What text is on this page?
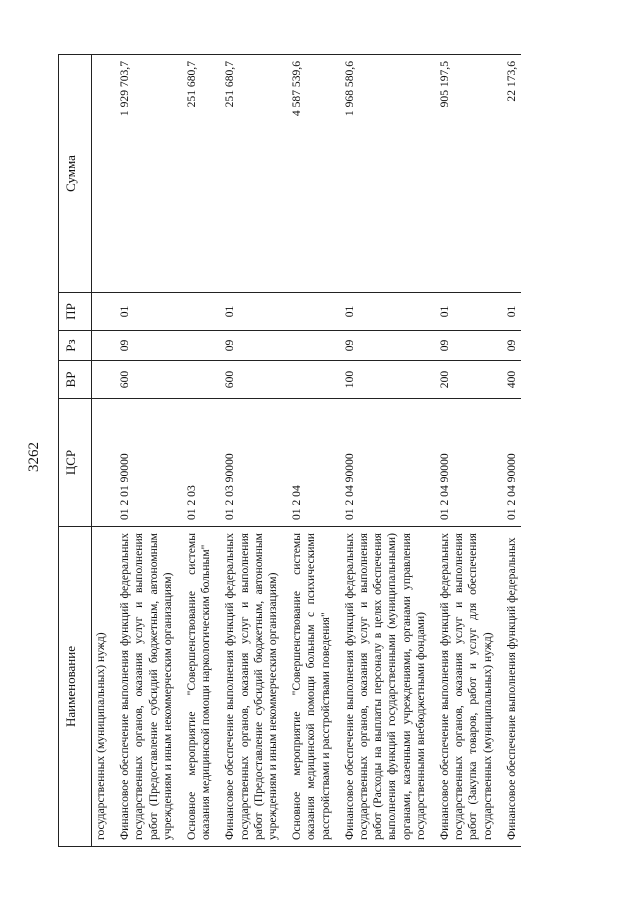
3262
Наименование	ЦСР	ВР	Рз	ПР	Сумма
государственных (муниципальных) нужд)					

Финансовое обеспечение выполнения функций федеральных государственных органов, оказания услуг и выполнения работ (Предоставление субсидий бюджетным, автономным учреждениям и иным некоммерческим организациям)	01 2 01 90000	600	09	01	1 929 703,7

Основное мероприятие "Совершенствование системы оказания медицинской помощи наркологическим больным"	01 2 03				251 680,7

Финансовое обеспечение выполнения функций федеральных государственных органов, оказания услуг и выполнения работ (Предоставление субсидий бюджетным, автономным учреждениям и иным некоммерческим организациям)	01 2 03 90000	600	09	01	251 680,7

Основное мероприятие "Совершенствование системы оказания медицинской помощи больным с психическими расстройствами и расстройствами поведения"	01 2 04				4 587 539,6

Финансовое обеспечение выполнения функций федеральных государственных органов, оказания услуг и выполнения работ (Расходы на выплаты персоналу в целях обеспечения выполнения функций государственными (муниципальными) органами, казенными учреждениями, органами управления государственными внебюджетными фондами)	01 2 04 90000	100	09	01	1 968 580,6

Финансовое обеспечение выполнения функций федеральных государственных органов, оказания услуг и выполнения работ (Закупка товаров, работ и услуг для обеспечения государственных (муниципальных) нужд)	01 2 04 90000	200	09	01	905 197,5

Финансовое обеспечение выполнения функций федеральных	01 2 04 90000	400	09	01	22 173,6
